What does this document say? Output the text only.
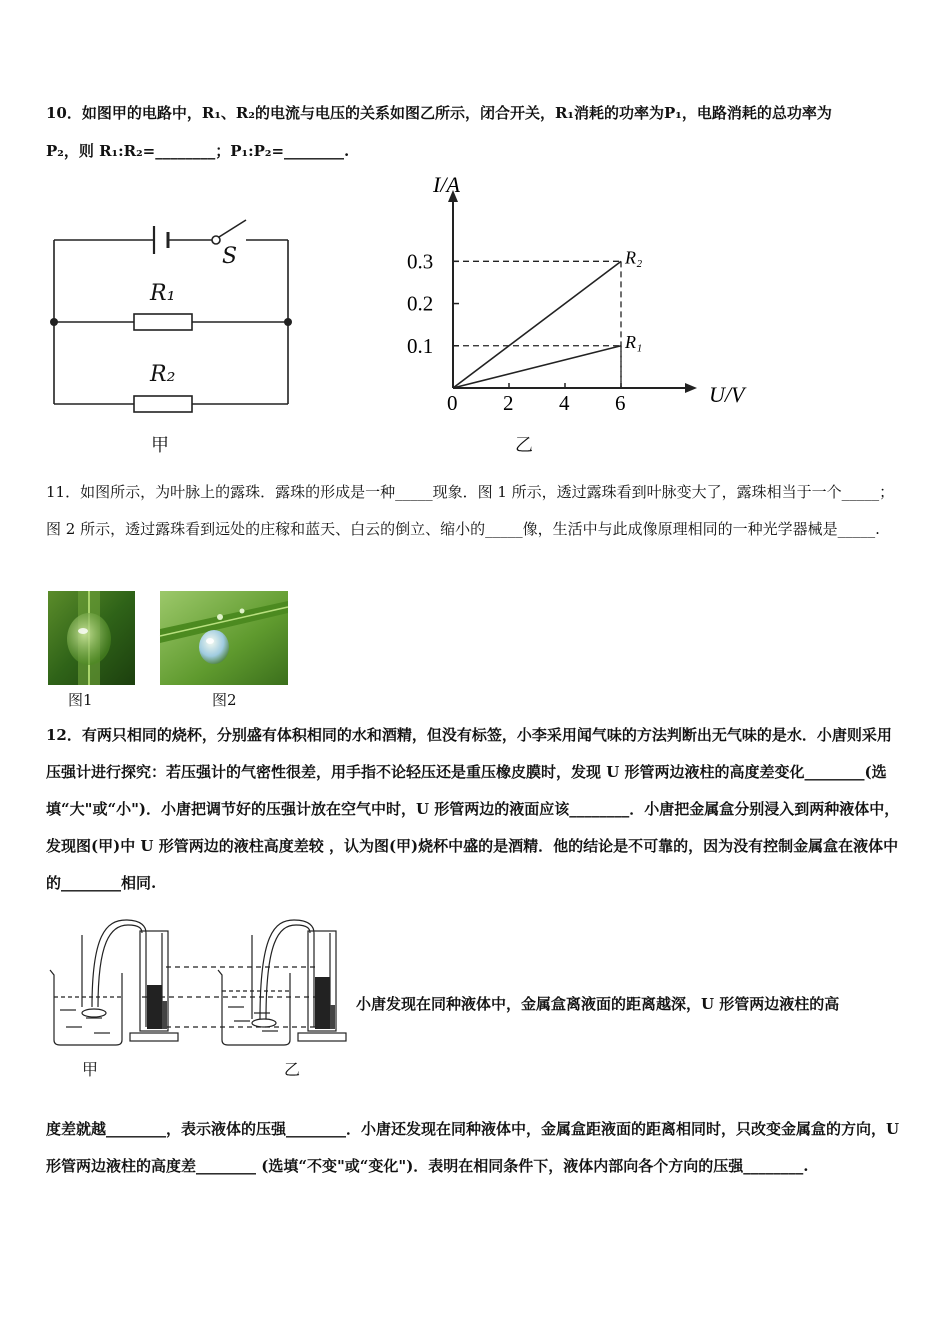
10．如图甲的电路中，R₁、R₂的电流与电压的关系如图乙所示，闭合开关，R₁消耗的功率为P₁，电路消耗的总功率为
P₂，则 R₁:R₂=________；P₁:P₂=________.
S
R₁
R₂
甲
I/A
U/V
0 2 4 6
0.1
0.2
0.3	R₂
R₁
乙
11．如图所示，为叶脉上的露珠．露珠的形成是一种_____现象．图 1 所示，透过露珠看到叶脉变大了，露珠相当于一个_____；图 2 所示，透过露珠看到远处的庄稼和蓝天、白云的倒立、缩小的_____像，生活中与此成像原理相同的一种光学器械是_____.
图1	图2
12．有两只相同的烧杯，分别盛有体积相同的水和酒精，但没有标签，小李采用闻气味的方法判断出无气味的是水．小唐则采用压强计进行探究：若压强计的气密性很差，用手指不论轻压还是重压橡皮膜时，发现 U 形管两边液柱的高度差变化________(选填“大"或“小")．小唐把调节好的压强计放在空气中时，U 形管两边的液面应该________．小唐把金属盒分别浸入到两种液体中，发现图(甲)中 U 形管两边的液柱高度差较 ，认为图(甲)烧杯中盛的是酒精．他的结论是不可靠的，因为没有控制金属盒在液体中的________相同.
甲	乙
小唐发现在同种液体中，金属盒离液面的距离越深，U 形管两边液柱的高
度差就越________，表示液体的压强________．小唐还发现在同种液体中，金属盒距液面的距离相同时，只改变金属盒的方向，U 形管两边液柱的高度差________ (选填“不变"或“变化")．表明在相同条件下，液体内部向各个方向的压强________.
